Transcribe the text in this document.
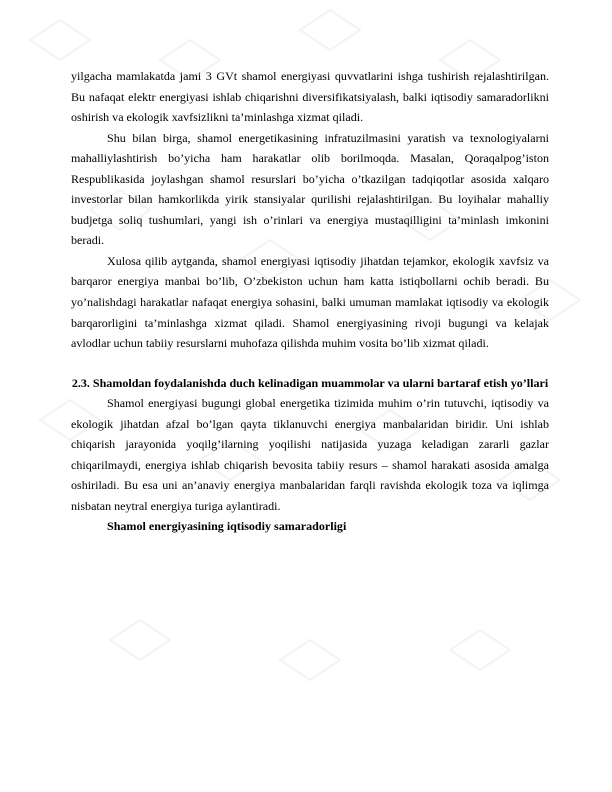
yilgacha mamlakatda jami 3 GVt shamol energiyasi quvvatlarini ishga tushirish rejalashtirilgan. Bu nafaqat elektr energiyasi ishlab chiqarishni diversifikatsiyalash, balki iqtisodiy samaradorlikni oshirish va ekologik xavfsizlikni ta’minlashga xizmat qiladi.

Shu bilan birga, shamol energetikasining infratuzilmasini yaratish va texnologiyalarni mahalliylashtirish bo’yicha ham harakatlar olib borilmoqda. Masalan, Qoraqalpog’iston Respublikasida joylashgan shamol resurslari bo’yicha o’tkazilgan tadqiqotlar asosida xalqaro investorlar bilan hamkorlikda yirik stansiyalar qurilishi rejalashtirilgan. Bu loyihalar mahalliy budjetga soliq tushumlari, yangi ish o’rinlari va energiya mustaqilligini ta’minlash imkonini beradi.

Xulosa qilib aytganda, shamol energiyasi iqtisodiy jihatdan tejamkor, ekologik xavfsiz va barqaror energiya manbai bo’lib, O’zbekiston uchun ham katta istiqbollarni ochib beradi. Bu yo’nalishdagi harakatlar nafaqat energiya sohasini, balki umuman mamlakat iqtisodiy va ekologik barqarorligini ta’minlashga xizmat qiladi. Shamol energiyasining rivoji bugungi va kelajak avlodlar uchun tabiiy resurslarni muhofaza qilishda muhim vosita bo’lib xizmat qiladi.

2.3. Shamoldan foydalanishda duch kelinadigan muammolar va ularni bartaraf etish yo’llari

Shamol energiyasi bugungi global energetika tizimida muhim o’rin tutuvchi, iqtisodiy va ekologik jihatdan afzal bo’lgan qayta tiklanuvchi energiya manbalaridan biridir. Uni ishlab chiqarish jarayonida yoqilg’ilarning yoqilishi natijasida yuzaga keladigan zararli gazlar chiqarilmaydi, energiya ishlab chiqarish bevosita tabiiy resurs – shamol harakati asosida amalga oshiriladi. Bu esa uni an’anaviy energiya manbalaridan farqli ravishda ekologik toza va iqlimga nisbatan neytral energiya turiga aylantiradi.

Shamol energiyasining iqtisodiy samaradorligi
